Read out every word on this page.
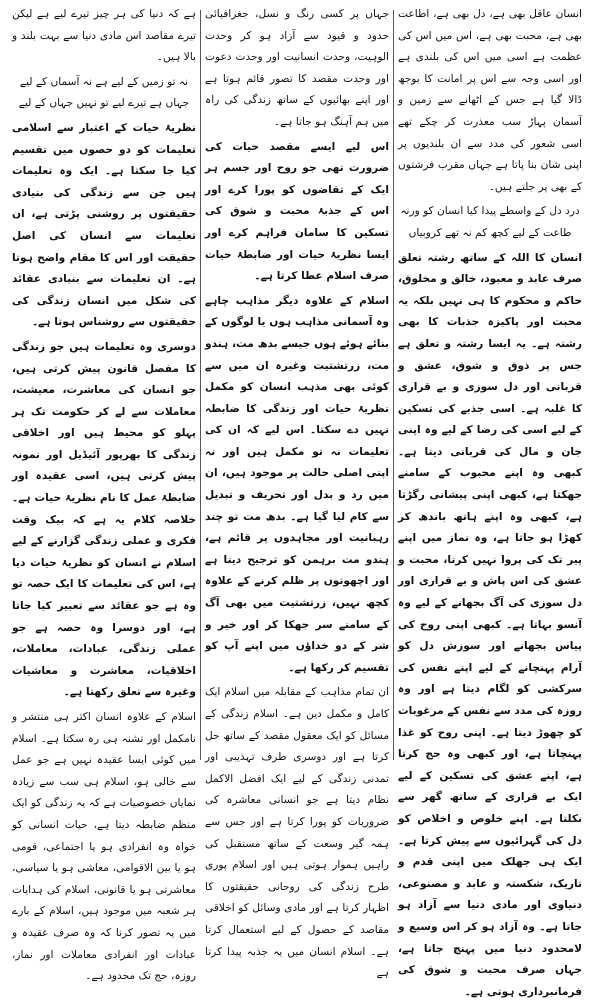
انسان عاقل بھی ہے، دل بھی ہے، اطاعت بھی ہے، محبت بھی ہے، اس میں اس کی عظمت ہے اسی میں اس کی بلندی ہے اور اسی وجہ سے اس پر امانت کا بوجھ ڈالا گیا ہے جس کے اٹھانے سے زمین و آسمان پہاڑ سب معذرت کر چکے تھے اسی شعور کی مدد سے ان بلندیوں پر اپنی شان بنا پاتا ہے جہاں مقرب فرشتوں کے بھی پر جلتے ہیں۔

درد دل کے واسطے پیدا کیا انسان کو ورنہ طاعت کے لیے کچھ کم نہ تھے کروبیاں

انسان کا اللہ کے ساتھ رشتہ تعلق صرف عابد و معبود، خالق و مخلوق، حاکم و محکوم کا ہی نہیں بلکہ یہ محبت اور پاکیزہ جذبات کا بھی رشتہ ہے۔ یہ ایسا رشتہ و تعلق ہے جس پر ذوق و شوق، عشق و قربانی اور دل سوزی و بے قراری کا غلبہ ہے۔ اسی جذبے کی تسکین کے لیے اسی کی رضا کے لیے وہ اپنی جان و مال کی قربانی دیتا ہے۔ کبھی وہ اپنے محبوب کے سامنے جھکتا ہے، کبھی اپنی پیشانی رگڑتا ہے، کبھی وہ اپنے ہاتھ باندھ کر کھڑا ہو جاتا ہے، وہ نماز میں اپنے پیر تک کی پروا نہیں کرتا، محبت و عشق کی اس پاش و بے قراری اور دل سوزی کی آگ بجھانے کے لیے وہ آنسو بہاتا ہے۔ کبھی اپنی روح کی پیاس بجھانے اور سوزش دل کو آرام پہنچانے کے لیے اپنے نفس کی سرکشی کو لگام دیتا ہے اور وہ روزہ کی مدد سے نفس کے مرغوبات کو چھوڑ دیتا ہے۔ اپنی روح کو غذا پہنچاتا ہے، اور کبھی وہ حج کرتا ہے، اپنے عشق کی تسکین کے لیے ایک بے قراری کے ساتھ گھر سے نکلتا ہے۔ اپنے خلوص و اخلاص کو دل کی گہرائیوں سے پیش کرتا ہے۔ ایک ہی جھلک میں اپنی قدم و تاریک، شکستہ و عابد و مصنوعی، دنیاوی اور مادی دنیا سے آزاد ہو جاتا ہے۔ وہ آزاد ہو کر اس وسیع و لامحدود دنیا میں پہنچ جاتا ہے، جہاں صرف محبت و شوق کی فرمانبرداری ہوتی ہے۔

جہاں پر کسی رنگ و نسل، جغرافیائی حدود و قیود سے آزاد ہو کر وحدت الوہیت، وحدت انسانیت اور وحدت دعوت اور وحدت مقصد کا تصور قائم ہوتا ہے اور اپنے بھائیوں کے ساتھ زندگی کی راہ میں ہم آہنگ ہو جاتا ہے۔

اس لیے ایسے مقصد حیات کی ضرورت تھی جو روح اور جسم ہر ایک کے تقاضوں کو پورا کرے اور اس کے جذبۂ محبت و شوق کی تسکین کا سامان فراہم کرے اور ایسا نظریۂ حیات اور ضابطۂ حیات صرف اسلام عطا کرتا ہے۔

اسلام کے علاوہ دیگر مذاہب چاہے وہ آسمانی مذاہب ہوں یا لوگوں کے بنائے ہوئے ہوں جیسے بدھ مت، ہندو مت، زرتشتیت وغیرہ ان میں سے کوئی بھی مذہب انسان کو مکمل نظریۂ حیات اور زندگی کا ضابطہ نہیں دے سکتا۔ اس لیے کہ ان کی تعلیمات نہ تو مکمل ہیں اور نہ اپنی اصلی حالت پر موجود ہیں، ان میں رد و بدل اور تحریف و تبدیل سے کام لیا گیا ہے۔ بدھ مت تو چند رہبانیت اور مجاہدوں پر قائم ہے، ہندو مت برہمن کو ترجیح دیتا ہے اور اچھوتوں پر ظلم کرنے کے علاوہ کچھ نہیں، زرتشتیت میں بھی آگ کے سامنے سر جھکا کر اور خیر و شر کے دو خداؤں میں اپنے آپ کو تقسیم کر رکھا ہے۔

ان تمام مذاہب کے مقابلہ میں اسلام ایک کامل و مکمل دین ہے۔ اسلام زندگی کے مسائل کو ایک معقول مقصد کے ساتھ حل کرتا ہے اور دوسری طرف تہذیبی اور تمدنی زندگی کے لیے ایک افضل الاکمل نظام دیتا ہے جو انسانی معاشرہ کی ضروریات کو پورا کرتا ہے اور جس سے ہمہ گیر وسعت کے ساتھ مستقبل کی راہیں ہموار ہوتی ہیں اور اسلام پوری طرح زندگی کی روحانی حقیقتوں کا اظہار کرتا ہے اور مادی وسائل کو اخلاقی مقاصد کے حصول کے لیے استعمال کرتا ہے۔ اسلام انسان میں یہ جذبہ پیدا کرتا ہے

ہے کہ دنیا کی ہر چیز تیرے لیے ہے لیکن تیرے مقاصد اس مادی دنیا سے بہت بلند و بالا ہیں۔

نہ تو زمیں کے لیے ہے نہ آسماں کے لیے
جہاں ہے تیرے لیے تو نہیں جہاں کے لیے

نظریۂ حیات کے اعتبار سے اسلامی تعلیمات کو دو حصوں میں تقسیم کیا جا سکتا ہے۔ ایک وہ تعلیمات ہیں جن سے زندگی کی بنیادی حقیقتوں پر روشنی پڑتی ہے، ان تعلیمات سے انسان کی اصل حقیقت اور اس کا مقام واضح ہوتا ہے۔ ان تعلیمات سے بنیادی عقائد کی شکل میں انسان زندگی کی حقیقتوں سے روشناس ہوتا ہے۔

دوسری وہ تعلیمات ہیں جو زندگی کا مفصل قانون پیش کرتی ہیں، جو انسان کی معاشرت، معیشت، معاملات سے لے کر حکومت تک ہر پہلو کو محیط ہیں اور اخلاقی زندگی کا بھرپور آئیڈیل اور نمونہ پیش کرتی ہیں، اسی عقیدہ اور ضابطۂ عمل کا نام نظریۂ حیات ہے۔ خلاصہ کلام یہ ہے کہ بیک وقت فکری و عملی زندگی گزارنے کے لیے اسلام نے انسان کو نظریۂ حیات دیا ہے، اس کی تعلیمات کا ایک حصہ تو وہ ہے جو عقائد سے تعبیر کیا جاتا ہے، اور دوسرا وہ حصہ ہے جو عملی زندگی، عبادات، معاملات، اخلاقیات، معاشرت و معاشیات وغیرہ سے تعلق رکھتا ہے۔

اسلام کے علاوہ انسان اکثر ہی منتشر و نامکمل اور تشنہ ہی رہ سکتا ہے۔ اسلام میں کوئی ایسا عقیدہ نہیں ہے جو عمل سے خالی ہو، اسلام ہی سب سے زیادہ نمایاں خصوصیات ہے کہ یہ زندگی کو ایک منظم ضابطہ دیتا ہے، حیات انسانی کو خواہ وہ انفرادی ہو یا اجتماعی، قومی ہو یا بین الاقوامی، معاشی ہو یا سیاسی، معاشرتی ہو یا قانونی، اسلام کی ہدایات ہر شعبہ میں موجود ہیں، اسلام کے بارے میں یہ تصور کرنا کہ وہ صرف عقیدہ و عبادات اور انفرادی معاملات اور نماز، روزہ، حج تک محدود ہے۔
